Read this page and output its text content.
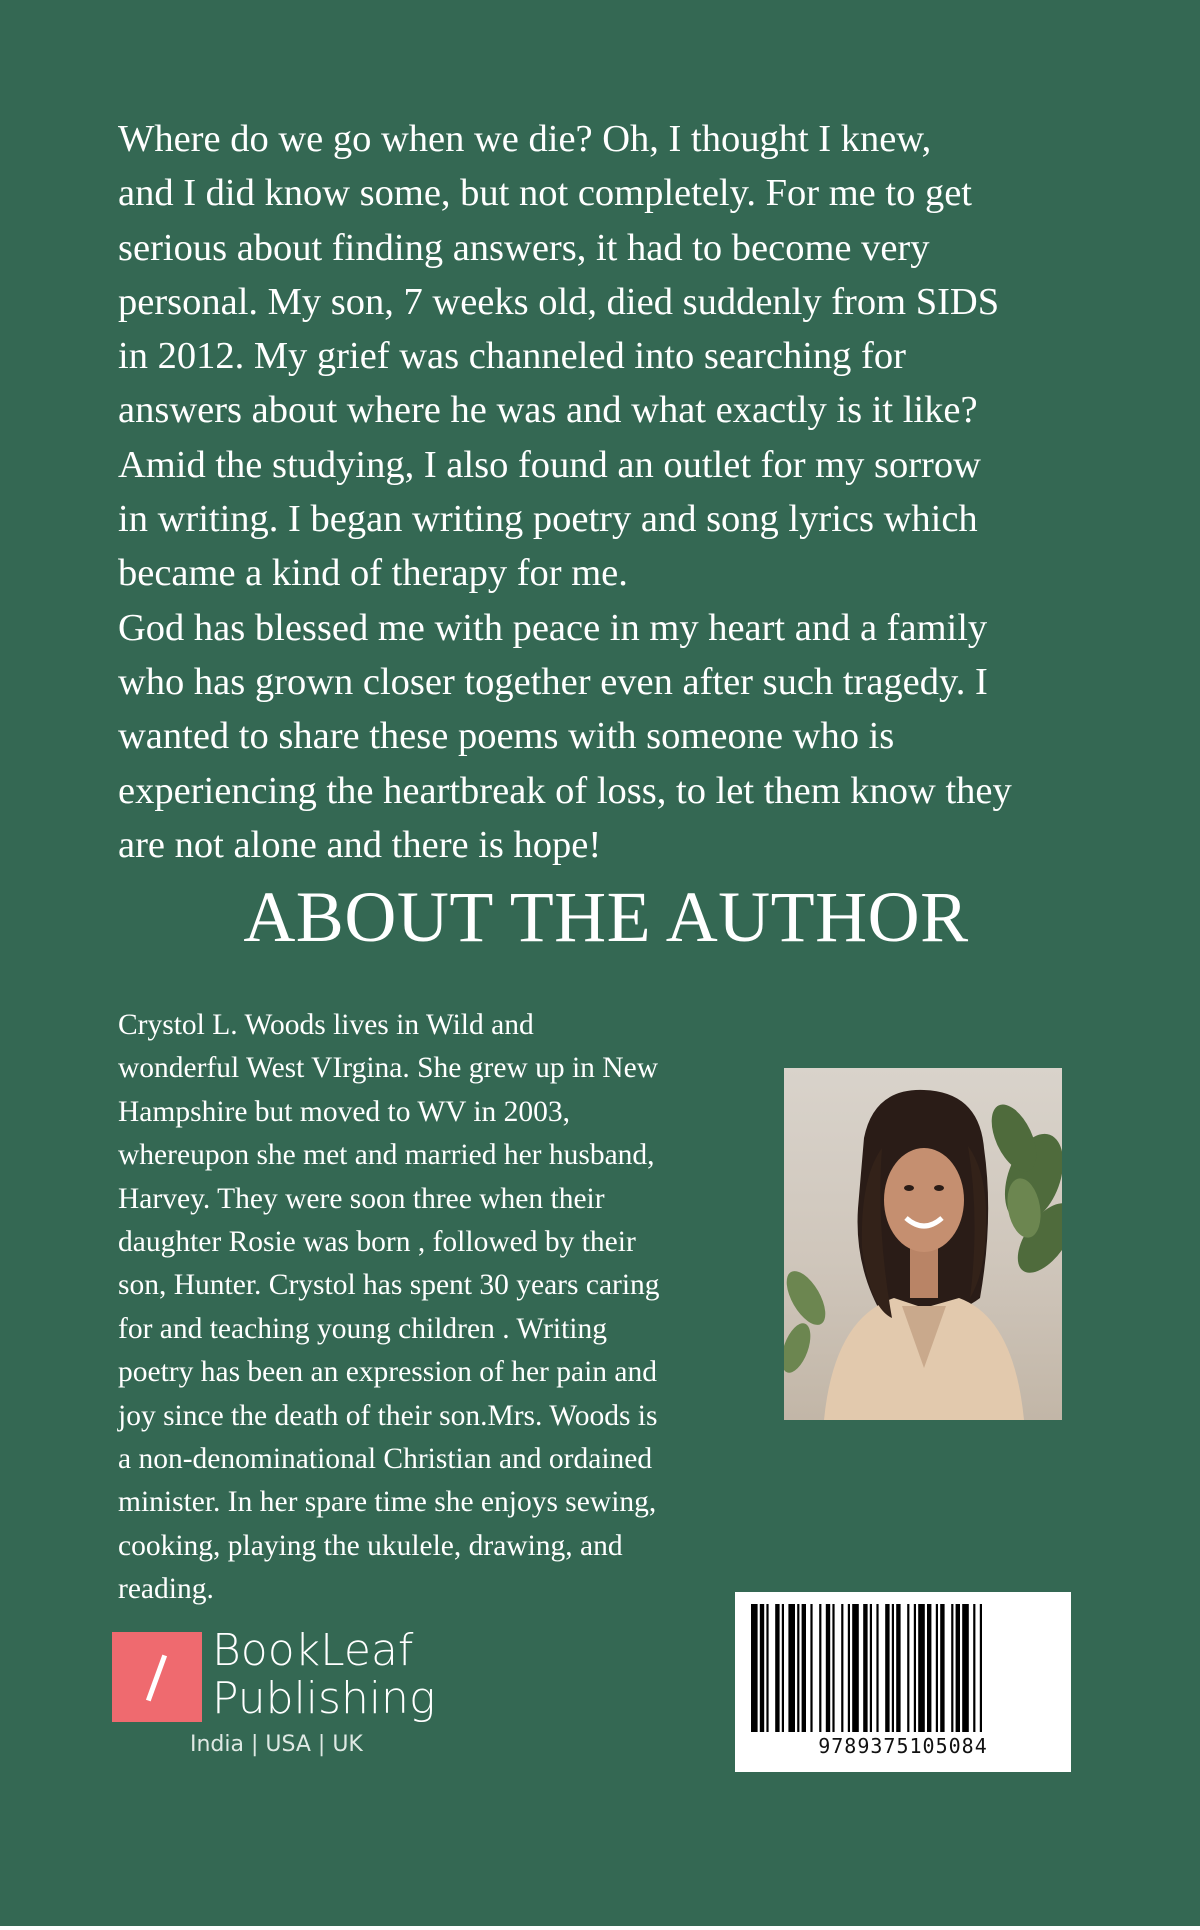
Where do we go when we die? Oh, I thought I knew,
and I did know some, but not completely. For me to get
serious about finding answers, it had to become very
personal. My son, 7 weeks old, died suddenly from SIDS
in 2012. My grief was channeled into searching for
answers about where he was and what exactly is it like?
Amid the studying, I also found an outlet for my sorrow
in writing. I began writing poetry and song lyrics which
became a kind of therapy for me.
God has blessed me with peace in my heart and a family
who has grown closer together even after such tragedy. I
wanted to share these poems with someone who is
experiencing the heartbreak of loss, to let them know they
are not alone and there is hope!

ABOUT THE AUTHOR

Crystol L. Woods lives in Wild and
wonderful West VIrgina. She grew up in New
Hampshire but moved to WV in 2003,
whereupon she met and married her husband,
Harvey. They were soon three when their
daughter Rosie was born , followed by their
son, Hunter. Crystol has spent 30 years caring
for and teaching young children . Writing
poetry has been an expression of her pain and
joy since the death of their son.Mrs. Woods is
a non-denominational Christian and ordained
minister. In her spare time she enjoys sewing,
cooking, playing the ukulele, drawing, and
reading.

BookLeaf
Publishing
India | USA | UK	9789375105084
